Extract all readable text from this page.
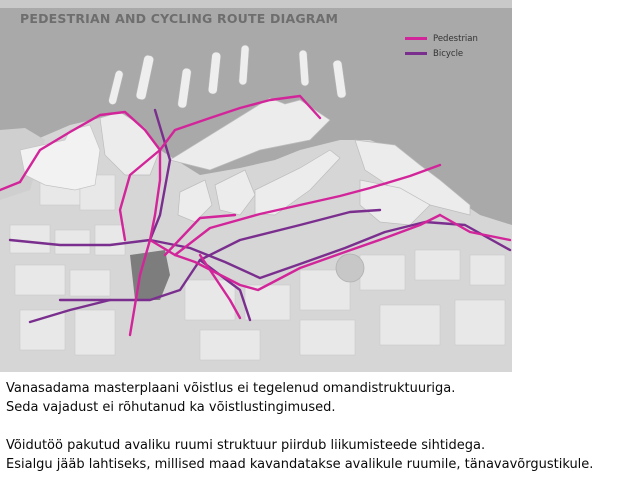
PEDESTRIAN AND CYCLING ROUTE DIAGRAM
Pedestrian
Bicycle
Vanasadama masterplaani võistlus ei tegelenud omandistruktuuriga.
Seda vajadust ei rõhutanud ka võistlustingimused.
Võidutöö pakutud avaliku ruumi struktuur piirdub liikumisteede sihtidega.
Esialgu jääb lahtiseks, millised maad kavandatakse avalikule ruumile, tänavavõrgustikule.
